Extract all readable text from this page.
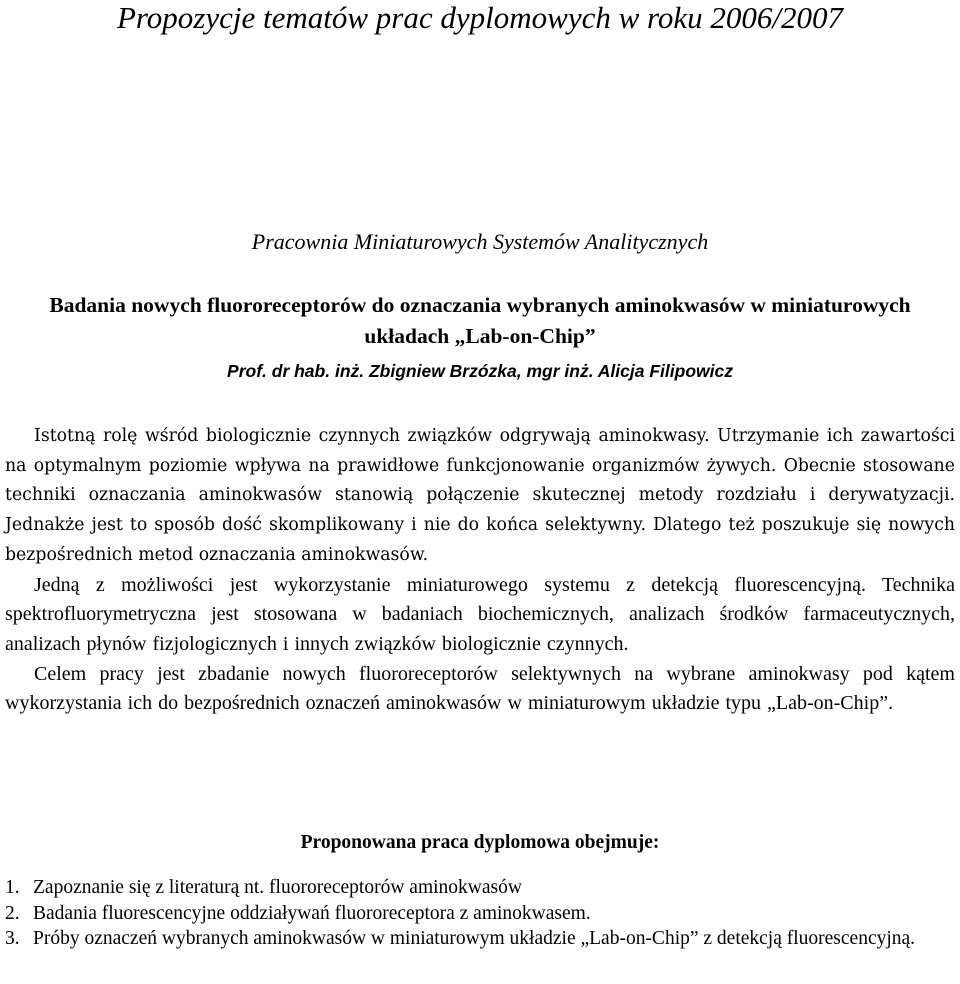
Propozycje tematów prac dyplomowych w roku 2006/2007

Pracownia Miniaturowych Systemów Analitycznych

Badania nowych fluororeceptorów do oznaczania wybranych aminokwasów w miniaturowych układach „Lab-on-Chip”

Prof. dr hab. inż. Zbigniew Brzózka, mgr inż. Alicja Filipowicz

Istotną rolę wśród biologicznie czynnych związków odgrywają aminokwasy. Utrzymanie ich zawartości na optymalnym poziomie wpływa na prawidłowe funkcjonowanie organizmów żywych. Obecnie stosowane techniki oznaczania aminokwasów stanowią połączenie skutecznej metody rozdziału i derywatyzacji. Jednakże jest to sposób dość skomplikowany i nie do końca selektywny. Dlatego też poszukuje się nowych bezpośrednich metod oznaczania aminokwasów.

Jedną z możliwości jest wykorzystanie miniaturowego systemu z detekcją fluorescencyjną. Technika spektrofluorymetryczna jest stosowana w badaniach biochemicznych, analizach środków farmaceutycznych, analizach płynów fizjologicznych i innych związków biologicznie czynnych.

Celem pracy jest zbadanie nowych fluororeceptorów selektywnych na wybrane aminokwasy pod kątem wykorzystania ich do bezpośrednich oznaczeń aminokwasów w miniaturowym układzie typu „Lab-on-Chip”.

Proponowana praca dyplomowa obejmuje:

1. Zapoznanie się z literaturą nt. fluororeceptorów aminokwasów
2. Badania fluorescencyjne oddziaływań fluororeceptora z aminokwasem.
3. Próby oznaczeń wybranych aminokwasów w miniaturowym układzie „Lab-on-Chip” z detekcją fluorescencyjną.
